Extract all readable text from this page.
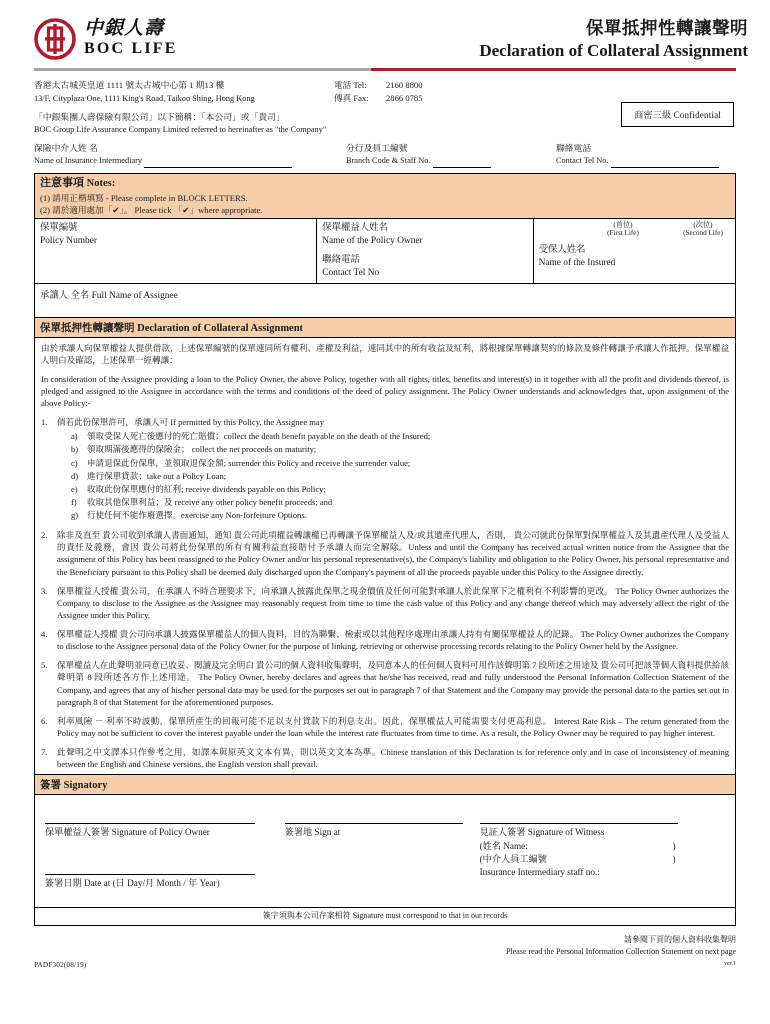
中銀人壽
BOC LIFE
保單抵押性轉讓聲明
Declaration of Collateral Assignment
香港太古城英皇道 1111 號太古城中心第 1 期13 樓
13/F, Cityplaza One, 1111 King's Road, Taikoo Shing, Hong Kong
電話 Tel:	2160 8800
傳真 Fax:	2866 0785
「中銀集團人壽保險有限公司」以下簡稱：「本公司」或「貴司」
BOC Group Life Assurance Company Limited referred to hereinafter as "the Company"
商密三級 Confidential
保險中介人姓 名
Name of Insurance Intermediary
分行及員工編號
Branch Code & Staff No.
聯絡電話
Contact Tel No.
注意事項 Notes:
(1) 請用正楷填寫 - Please complete in BLOCK LETTERS.
(2) 請於適用處加「✔」。 Please tick 「✔」where appropriate.
保單編號
Policy Number
保單權益人姓名
Name of the Policy Owner
聯絡電話
Contact Tel No
(首位)
(First Life)
(次位)
(Second Life)
受保人姓名
Name of the Insured
承讓人 全名 Full Name of Assignee
保單抵押性轉讓聲明 Declaration of Collateral Assignment
由於承讓人向保單權益人提供借款，上述保單編號的保單連同所有權利、產權及利益，連同其中的所有收益及紅利，將根據保單轉讓契約的條款及條件轉讓予承讓人作抵押。保單權益人明白及確認，上述保單一經轉讓：
In consideration of the Assignee providing a loan to the Policy Owner, the above Policy, together with all rights, titles, benefits and interest(s) in it together with all the profit and dividends thereof, is pledged and assigned to the Assignee in accordance with the terms and conditions of the deed of policy assignment. The Policy Owner understands and acknowledges that, upon assignment of the above Policy:-
1.	倘若此份保單許可，承讓人可 If permitted by this Policy, the Assignee may
a)	領取受保人死亡後應付的死亡賠償；collect the death benefit payable on the death of the Insured;
b)	領取期滿後應得的保險金； collect the net proceeds on maturity;
c)	申請退保此份保單，並領取退保金額; surrender this Policy and receive the surrender value;
d)	進行保單貸款；take out a Policy Loan;
e)	收取此份保單應付的紅利; receive dividends payable on this Policy;
f)	收取其他保單利益；及 receive any other policy benefit proceeds; and
g)	行使任何不能作廢選擇。exercise any Non-forfeiture Options.
2.	除非及直至 貴公司收到承讓人書面通知，通知 貴公司此項權益轉讓權已再轉讓予保單權益人及/或其遺產代理人，否則， 貴公司就此份保單對保單權益人及其遺產代理人及受益人的責任及義務，會因 貴公司將此份保單的所有有關利益直接賠付予承讓人而完全解除。Unless and until the Company has received actual written notice from the Assignee that the assignment of this Policy has been reassigned to the Policy Owner and/or his personal representative(s), the Company's liability and obligation to the Policy Owner, his personal representative and the Beneficiary pursuant to this Policy shall be deemed duly discharged upon the Company's payment of all the proceeds payable under this Policy to the Assignee directly.
3.	保單權益人授權 貴公司，在承讓人不時合理要求下，向承讓人披露此保單之現金價值及任何可能對承讓人於此保單下之權利有不利影響的更改。 The Policy Owner authorizes the Company to disclose to the Assignee as the Assignee may reasonably request from time to time the cash value of this Policy and any change thereof which may adversely affect the right of the Assignee under this Policy.
4.	保單權益人授權 貴公司向承讓人披露保單權益人的個人資料，目的為聯繫、檢索或以其他程序處理由承讓人持有有關保單權益人的記錄。 The Policy Owner authorizes the Company to disclose to the Assignee personal data of the Policy Owner for the purpose of linking, retrieving or otherwise processing records relating to the Policy Owner held by the Assignee.
5.	保單權益人在此聲明並同意已收妥、閱讀及完全明白 貴公司的個人資料收集聲明，及同意本人的任何個人資料可用作該聲明第 7 段所述之用途及 貴公司可把該等個人資料提供給該聲明第 8 段所述各方作上述用途。 The Policy Owner, hereby declares and agrees that he/she has received, read and fully understood the Personal Information Collection Statement of the Company, and agrees that any of his/her personal data may be used for the purposes set out in paragraph 7 of that Statement and the Company may provide the personal data to the parties set out in paragraph 8 of that Statement for the aforementioned purposes.
6.	利率風險 － 利率不時波動，保單所產生的回報可能不足以支付貸款下的利息支出。因此，保單權益人可能需要支付更高利息。 Interest Rate Risk – The return generated from the Policy may not be sufficient to cover the interest payable under the loan while the interest rate fluctuates from time to time. As a result, the Policy Owner may be required to pay higher interest.
7.	此聲明之中文譯本只作參考之用，如譯本與原英文文本有異，則以英文文本為準。Chinese translation of this Declaration is for reference only and in case of inconsistency of meaning between the English and Chinese versions, the English version shall prevail.
簽署 Signatory
保單權益人簽署 Signature of Policy Owner
簽署日期 Date at (日 Day/月 Month / 年 Year)
簽署地 Sign at	見証人簽署 Signature of Witness
(姓名 Name:	)
(中介人員工編號	)
Insurance Intermediary staff no.:
簽字須與本公司存案相符 Signature must correspond to that in our records
PADF302(08/19)
請參閱下頁的個人資料收集聲明
Please read the Personal Information Collection Statement on next page
ver.1
